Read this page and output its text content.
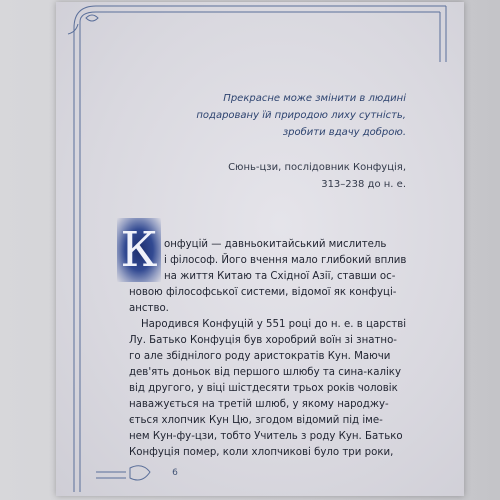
6
Прекрасне може змінити в людині
подаровану їй природою лиху сутність,
зробити вдачу доброю.
Сюнь-цзи, послідовник Конфуція,
313–238 до н. е.
К онфуцій — давньокитайський мислитель
і філософ. Його вчення мало глибокий вплив
на життя Китаю та Східної Азії, ставши ос-
новою філософської системи, відомої як конфуці-
анство.
Народився Конфуцій у 551 році до н. е. в царстві
Лу. Батько Конфуція був хоробрий воїн зі знатно-
го але збіднілого роду аристократів Кун. Маючи
дев'ять доньок від першого шлюбу та сина-каліку
від другого, у віці шістдесяти трьох років чоловік
наважується на третій шлюб, у якому народжу-
ється хлопчик Кун Цю, згодом відомий під іме-
нем Кун-фу-цзи, тобто Учитель з роду Кун. Батько
Конфуція помер, коли хлопчикові було три роки,
